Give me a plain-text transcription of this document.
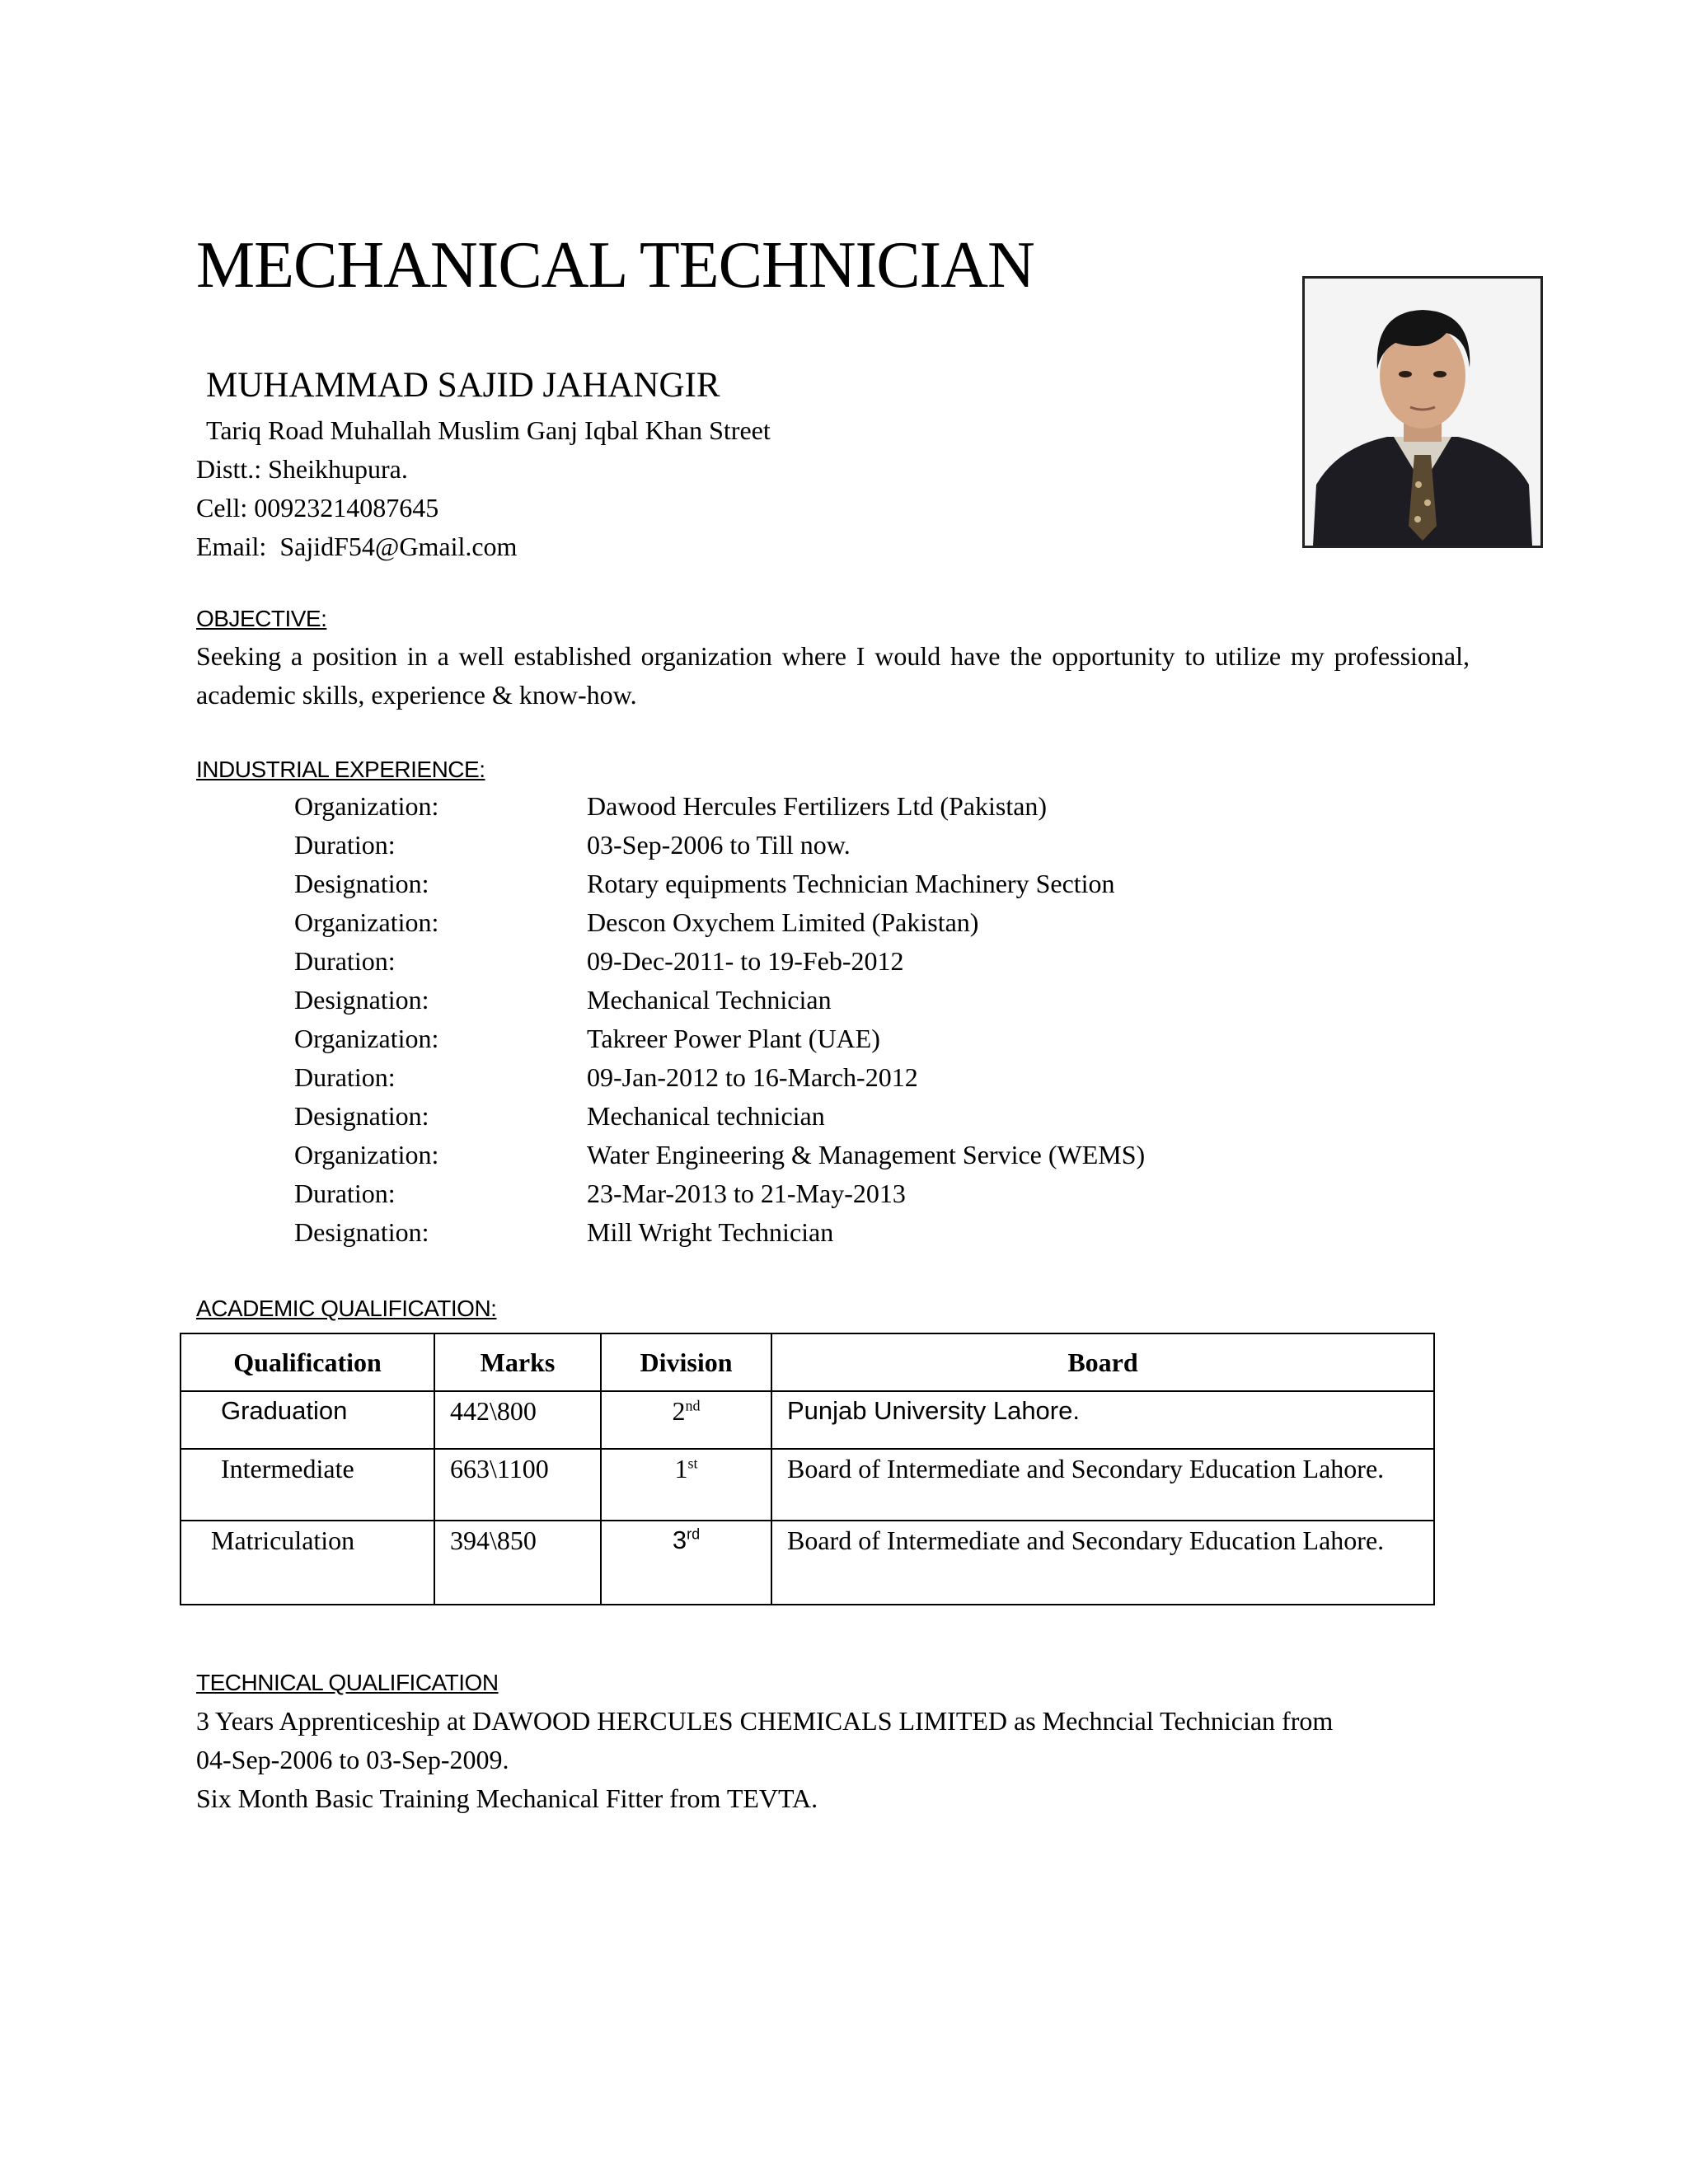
MECHANICAL TECHNICIAN
MUHAMMAD SAJID JAHANGIR
Tariq Road Muhallah Muslim Ganj Iqbal Khan Street
Distt.: Sheikhupura.
Cell: 00923214087645
Email: SajidF54@Gmail.com
OBJECTIVE:
Seeking a position in a well established organization where I would have the opportunity to utilize my professional, academic skills, experience & know-how.
INDUSTRIAL EXPERIENCE:
Organization:	Dawood Hercules Fertilizers Ltd (Pakistan)
Duration:	03-Sep-2006 to Till now.
Designation:	Rotary equipments Technician Machinery Section
Organization:	Descon Oxychem Limited (Pakistan)
Duration:	09-Dec-2011- to 19-Feb-2012
Designation:	Mechanical Technician
Organization:	Takreer Power Plant (UAE)
Duration:	09-Jan-2012 to 16-March-2012
Designation:	Mechanical technician
Organization:	Water Engineering & Management Service (WEMS)
Duration:	23-Mar-2013 to 21-May-2013
Designation:	Mill Wright Technician
ACADEMIC QUALIFICATION:
Qualification	Marks	Division	Board
Graduation	442\800	2nd	Punjab University Lahore.
Intermediate	663\1100	1st	Board of Intermediate and Secondary Education Lahore.
Matriculation	394\850	3rd	Board of Intermediate and Secondary Education Lahore.
TECHNICAL QUALIFICATION
3 Years Apprenticeship at DAWOOD HERCULES CHEMICALS LIMITED as Mechncial Technician from
04-Sep-2006 to 03-Sep-2009.
Six Month Basic Training Mechanical Fitter from TEVTA.
